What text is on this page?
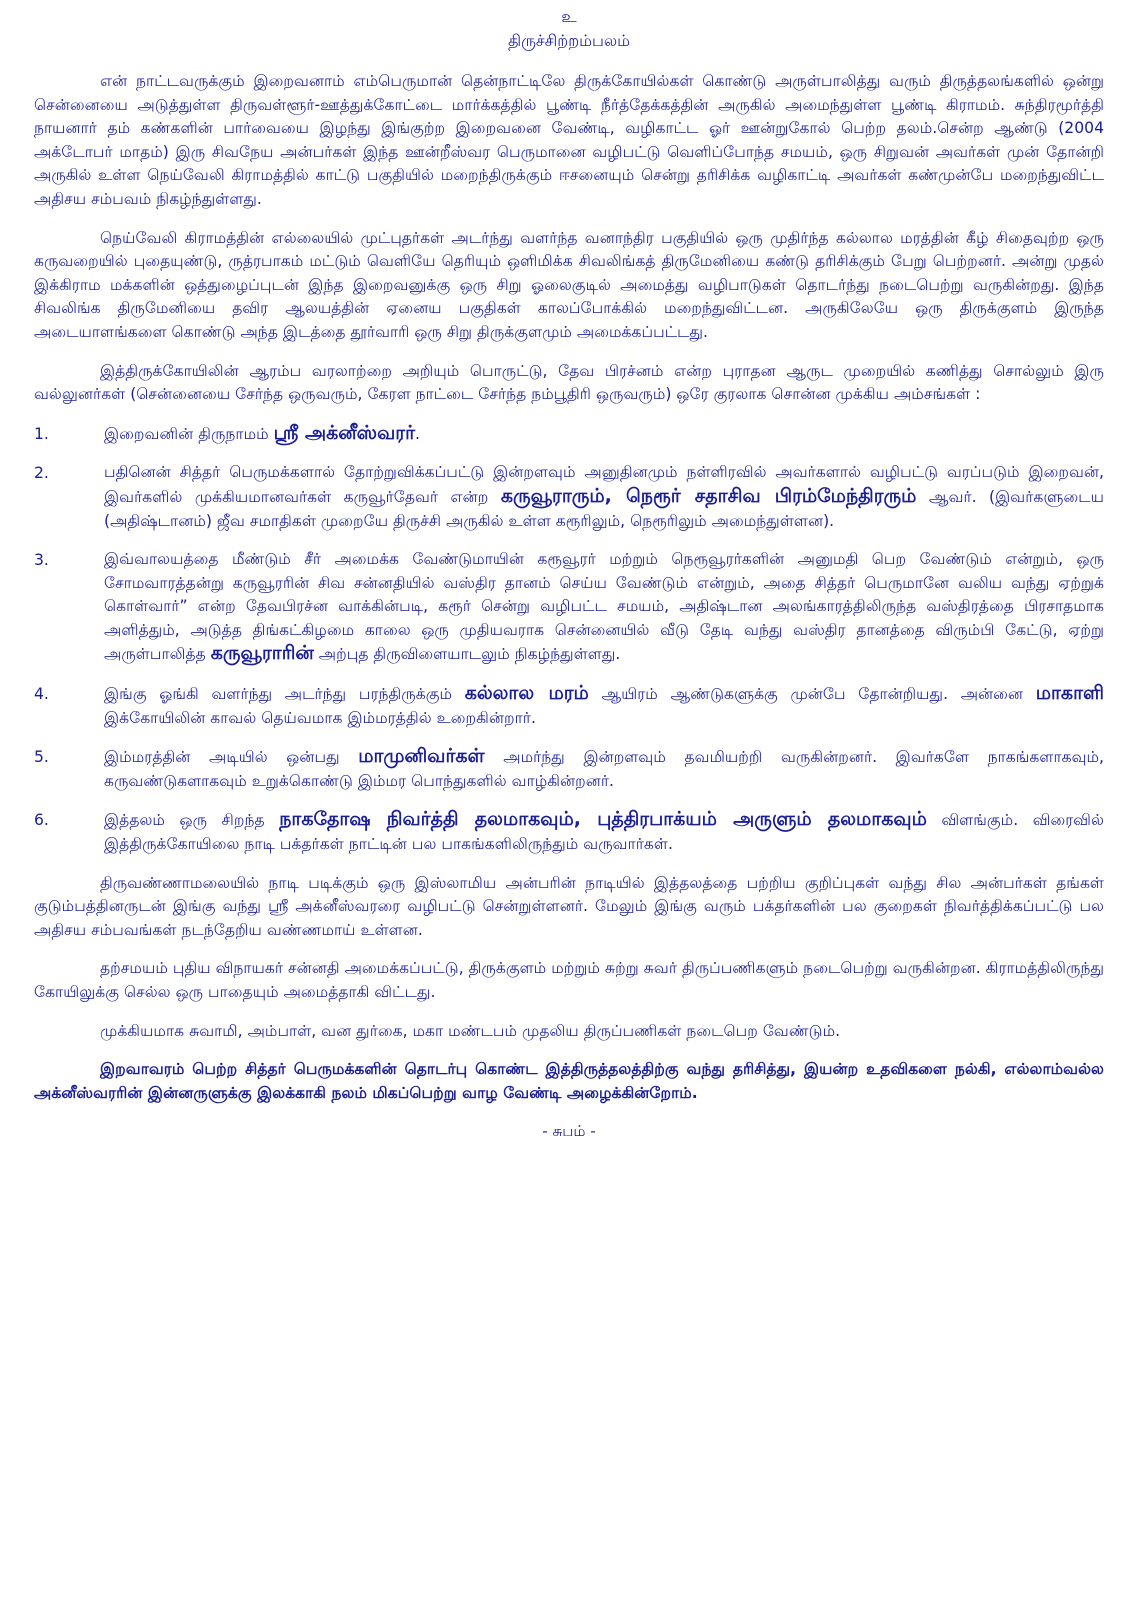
உ
திருச்சிற்றம்பலம்

என் நாட்டவருக்கும் இறைவனாம் எம்பெருமான் தென்நாட்டிலே திருக்கோயில்கள் கொண்டு அருள்பாலித்து வரும் திருத்தலங்களில் ஒன்று சென்னையை அடுத்துள்ள திருவள்ளூர்-ஊத்துக்கோட்டை மார்க்கத்தில் பூண்டி நீர்த்தேக்கத்தின் அருகில் அமைந்துள்ள பூண்டி கிராமம். சுந்திரமூர்த்தி நாயனார் தம் கண்களின் பார்வையை இழந்து இங்குற்ற இறைவனை வேண்டி, வழிகாட்ட ஓர் ஊன்றுகோல் பெற்ற தலம்.சென்ற ஆண்டு (2004 அக்டோபர் மாதம்) இரு சிவநேய அன்பர்கள் இந்த ஊன்றீஸ்வர பெருமானை வழிபட்டு வெளிப்போந்த சமயம், ஒரு சிறுவன் அவர்கள் முன் தோன்றி அருகில் உள்ள நெய்வேலி கிராமத்தில் காட்டு பகுதியில் மறைந்திருக்கும் ஈசனையும் சென்று தரிசிக்க வழிகாட்டி அவர்கள் கண்முன்பே மறைந்துவிட்ட அதிசய சம்பவம் நிகழ்ந்துள்ளது.

நெய்வேலி கிராமத்தின் எல்லையில் முட்புதர்கள் அடர்ந்து வளர்ந்த வனாந்திர பகுதியில் ஒரு முதிர்ந்த கல்லால மரத்தின் கீழ் சிதைவுற்ற ஒரு கருவறையில் புதையுண்டு, ருத்ரபாகம் மட்டும் வெளியே தெரியும் ஒளிமிக்க சிவலிங்கத் திருமேனியை கண்டு தரிசிக்கும் பேறு பெற்றனர். அன்று முதல் இக்கிராம மக்களின் ஒத்துழைப்புடன் இந்த இறைவனுக்கு ஒரு சிறு ஓலைகுடில் அமைத்து வழிபாடுகள் தொடர்ந்து நடைபெற்று வருகின்றது. இந்த சிவலிங்க திருமேனியை தவிர ஆலயத்தின் ஏனைய பகுதிகள் காலப்போக்கில் மறைந்துவிட்டன. அருகிலேயே ஒரு திருக்குளம் இருந்த அடையாளங்களை கொண்டு அந்த இடத்தை தூர்வாரி ஒரு சிறு திருக்குளமும் அமைக்கப்பட்டது.

இத்திருக்கோயிலின் ஆரம்ப வரலாற்றை அறியும் பொருட்டு, தேவ பிரச்னம் என்ற புராதன ஆருட முறையில் கணித்து சொல்லும் இரு வல்லுனர்கள் (சென்னையை சேர்ந்த ஒருவரும், கேரள நாட்டை சேர்ந்த நம்பூதிரி ஒருவரும்) ஒரே குரலாக சொன்ன முக்கிய அம்சங்கள் :

1.	இறைவனின் திருநாமம் ஸ்ரீ அக்னீஸ்வரர்.
2.	பதினென் சித்தர் பெருமக்களால் தோற்றுவிக்கப்பட்டு இன்றளவும் அனுதினமும் நள்ளிரவில் அவர்களால் வழிபட்டு வரப்படும் இறைவன், இவர்களில் முக்கியமானவர்கள் கருவூர்தேவர் என்ற கருவூராரும், நெரூர் சதாசிவ பிரம்மேந்திரரும் ஆவர். (இவர்களுடைய (அதிஷ்டானம்) ஜீவ சமாதிகள் முறையே திருச்சி அருகில் உள்ள கரூரிலும், நெரூரிலும் அமைந்துள்ளன).
3.	இவ்வாலயத்தை மீண்டும் சீர் அமைக்க வேண்டுமாயின் கரூவூரர் மற்றும் நெரூவூரர்களின் அனுமதி பெற வேண்டும் என்றும், ஒரு சோமவாரத்தன்று கருவூரரின் சிவ சன்னதியில் வஸ்திர தானம் செய்ய வேண்டும் என்றும், அதை சித்தர் பெருமானே வலிய வந்து ஏற்றுக் கொள்வார்” என்ற தேவபிரச்ன வாக்கின்படி, கரூர் சென்று வழிபட்ட சமயம், அதிஷ்டான அலங்காரத்திலிருந்த வஸ்திரத்தை பிரசாதமாக அளித்தும், அடுத்த திங்கட்கிழமை காலை ஒரு முதியவராக சென்னையில் வீடு தேடி வந்து வஸ்திர தானத்தை விரும்பி கேட்டு, ஏற்று அருள்பாலித்த கருவூராரின் அற்புத திருவிளையாடலும் நிகழ்ந்துள்ளது.
4.	இங்கு ஓங்கி வளர்ந்து அடர்ந்து பரந்திருக்கும் கல்லால மரம் ஆயிரம் ஆண்டுகளுக்கு முன்பே தோன்றியது. அன்னை மாகாளி இக்கோயிலின் காவல் தெய்வமாக இம்மரத்தில் உறைகின்றார்.
5.	இம்மரத்தின் அடியில் ஒன்பது மாமுனிவர்கள் அமர்ந்து இன்றளவும் தவமியற்றி வருகின்றனர். இவர்களே நாகங்களாகவும், கருவண்டுகளாகவும் உறுக்கொண்டு இம்மர பொந்துகளில் வாழ்கின்றனர்.
6.	இத்தலம் ஒரு சிறந்த நாகதோஷ நிவர்த்தி தலமாகவும், புத்திரபாக்யம் அருளும் தலமாகவும் விளங்கும். விரைவில் இத்திருக்கோயிலை நாடி பக்தர்கள் நாட்டின் பல பாகங்களிலிருந்தும் வருவார்கள்.

திருவண்ணாமலையில் நாடி படிக்கும் ஒரு இஸ்லாமிய அன்பரின் நாடியில் இத்தலத்தை பற்றிய குறிப்புகள் வந்து சில அன்பர்கள் தங்கள் குடும்பத்தினருடன் இங்கு வந்து ஸ்ரீ அக்னீஸ்வரரை வழிபட்டு சென்றுள்ளனர். மேலும் இங்கு வரும் பக்தர்களின் பல குறைகள் நிவர்த்திக்கப்பட்டு பல அதிசய சம்பவங்கள் நடந்தேறிய வண்ணமாய் உள்ளன.

தற்சமயம் புதிய விநாயகர் சன்னதி அமைக்கப்பட்டு, திருக்குளம் மற்றும் சுற்று சுவர் திருப்பணிகளும் நடைபெற்று வருகின்றன. கிராமத்திலிருந்து கோயிலுக்கு செல்ல ஒரு பாதையும் அமைத்தாகி விட்டது.

முக்கியமாக சுவாமி, அம்பாள், வன துர்கை, மகா மண்டபம் முதலிய திருப்பணிகள் நடைபெற வேண்டும்.

இறவாவரம் பெற்ற சித்தர் பெருமக்களின் தொடர்பு கொண்ட இத்திருத்தலத்திற்கு வந்து தரிசித்து, இயன்ற உதவிகளை நல்கி, எல்லாம்வல்ல அக்னீஸ்வரரின் இன்னருளுக்கு இலக்காகி நலம் மிகப்பெற்று வாழ வேண்டி அழைக்கின்றோம்.

- சுபம் -
